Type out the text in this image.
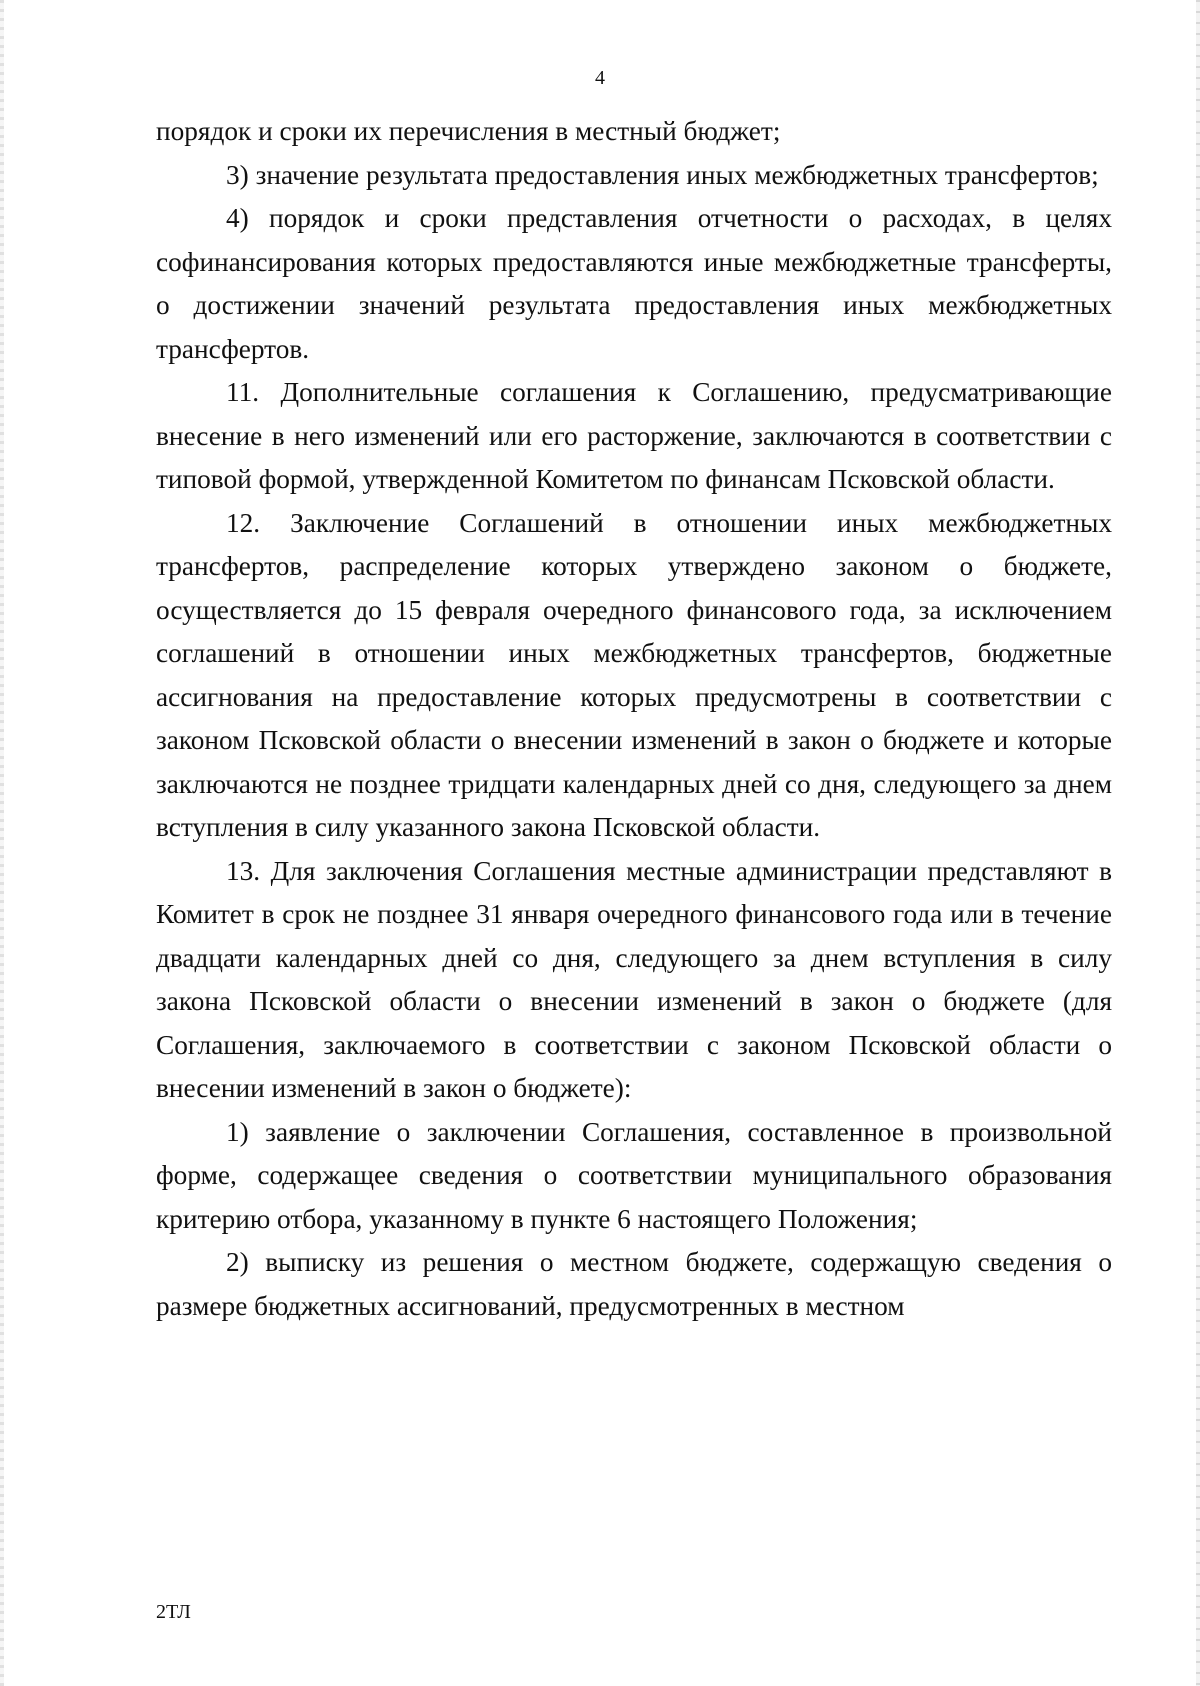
4

порядок и сроки их перечисления в местный бюджет;

3) значение результата предоставления иных межбюджетных трансфертов;

4) порядок и сроки представления отчетности о расходах, в целях софинансирования которых предоставляются иные межбюджетные трансферты, о достижении значений результата предоставления иных межбюджетных трансфертов.

11. Дополнительные соглашения к Соглашению, предусматривающие внесение в него изменений или его расторжение, заключаются в соответствии с типовой формой, утвержденной Комитетом по финансам Псковской области.

12. Заключение Соглашений в отношении иных межбюджетных трансфертов, распределение которых утверждено законом о бюджете, осуществляется до 15 февраля очередного финансового года, за исключением соглашений в отношении иных межбюджетных трансфертов, бюджетные ассигнования на предоставление которых предусмотрены в соответствии с законом Псковской области о внесении изменений в закон о бюджете и которые заключаются не позднее тридцати календарных дней со дня, следующего за днем вступления в силу указанного закона Псковской области.

13. Для заключения Соглашения местные администрации представляют в Комитет в срок не позднее 31 января очередного финансового года или в течение двадцати календарных дней со дня, следующего за днем вступления в силу закона Псковской области о внесении изменений в закон о бюджете (для Соглашения, заключаемого в соответствии с законом Псковской области о внесении изменений в закон о бюджете):

1) заявление о заключении Соглашения, составленное в произвольной форме, содержащее сведения о соответствии муниципального образования критерию отбора, указанному в пункте 6 настоящего Положения;

2) выписку из решения о местном бюджете, содержащую сведения о размере бюджетных ассигнований, предусмотренных в местном

2ТЛ
